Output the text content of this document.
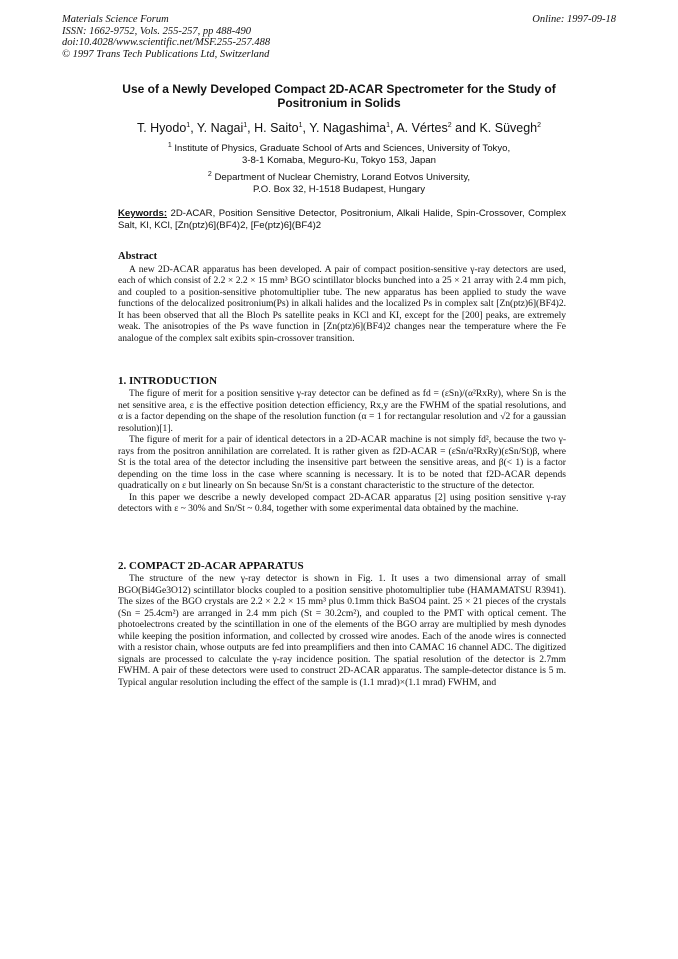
Materials Science Forum
ISSN: 1662-9752, Vols. 255-257, pp 488-490
doi:10.4028/www.scientific.net/MSF.255-257.488
© 1997 Trans Tech Publications Ltd, Switzerland
Online: 1997-09-18
Use of a Newly Developed Compact 2D-ACAR Spectrometer for the Study of Positronium in Solids
T. Hyodo$^1$, Y. Nagai$^1$, H. Saito$^1$, Y. Nagashima$^1$, A. Vértes$^2$ and K. Süvegh$^2$
$^1$ Institute of Physics, Graduate School of Arts and Sciences, University of Tokyo,
3-8-1 Komaba, Meguro-Ku, Tokyo 153, Japan
$^2$ Department of Nuclear Chemistry, Lorand Eotvos University,
P.O. Box 32, H-1518 Budapest, Hungary
Keywords: 2D-ACAR, Position Sensitive Detector, Positronium, Alkali Halide, Spin-Crossover, Complex Salt, KI, KCl, [Zn(ptz)6](BF4)2, [Fe(ptz)6](BF4)2
Abstract

A new 2D-ACAR apparatus has been developed. A pair of compact position-sensitive γ-ray detectors are used, each of which consist of 2.2 × 2.2 × 15 mm³ BGO scintillator blocks bunched into a 25 × 21 array with 2.4 mm pich, and coupled to a position-sensitive photomultiplier tube. The new apparatus has been applied to study the wave functions of the delocalized positronium(Ps) in alkali halides and the localized Ps in complex salt [Zn(ptz)6](BF4)2. It has been observed that all the Bloch Ps satellite peaks in KCl and KI, except for the [200] peaks, are extremely weak. The anisotropies of the Ps wave function in [Zn(ptz)6](BF4)2 changes near the temperature where the Fe analogue of the complex salt exibits spin-crossover transition.

1. INTRODUCTION

The figure of merit for a position sensitive γ-ray detector can be defined as fd = (εSn)/(α²RxRy), where Sn is the net sensitive area, ε is the effective position detection efficiency, Rx,y are the FWHM of the spatial resolutions, and α is a factor depending on the shape of the resolution function (α = 1 for rectangular resolution and √2 for a gaussian resolution)[1].

The figure of merit for a pair of identical detectors in a 2D-ACAR machine is not simply fd², because the two γ-rays from the positron annihilation are correlated. It is rather given as f2D-ACAR = (εSn/α²RxRy)(εSn/St)β, where St is the total area of the detector including the insensitive part between the sensitive areas, and β(< 1) is a factor depending on the time loss in the case where scanning is necessary. It is to be noted that f2D-ACAR depends quadratically on ε but linearly on Sn because Sn/St is a constant characteristic to the structure of the detector.

In this paper we describe a newly developed compact 2D-ACAR apparatus [2] using position sensitive γ-ray detectors with ε ~ 30% and Sn/St ~ 0.84, together with some experimental data obtained by the machine.

2. COMPACT 2D-ACAR APPARATUS

The structure of the new γ-ray detector is shown in Fig. 1. It uses a two dimensional array of small BGO(Bi4Ge3O12) scintillator blocks coupled to a position sensitive photomultiplier tube (HAMAMATSU R3941). The sizes of the BGO crystals are 2.2 × 2.2 × 15 mm³ plus 0.1mm thick BaSO4 paint. 25 × 21 pieces of the crystals (Sn = 25.4cm²) are arranged in 2.4 mm pich (St = 30.2cm²), and coupled to the PMT with optical cement. The photoelectrons created by the scintillation in one of the elements of the BGO array are multiplied by mesh dynodes while keeping the position information, and collected by crossed wire anodes. Each of the anode wires is connected with a resistor chain, whose outputs are fed into preamplifiers and then into CAMAC 16 channel ADC. The digitized signals are processed to calculate the γ-ray incidence position. The spatial resolution of the detector is 2.7mm FWHM. A pair of these detectors were used to construct 2D-ACAR apparatus. The sample-detector distance is 5 m. Typical angular resolution including the effect of the sample is (1.1 mrad)×(1.1 mrad) FWHM, and
